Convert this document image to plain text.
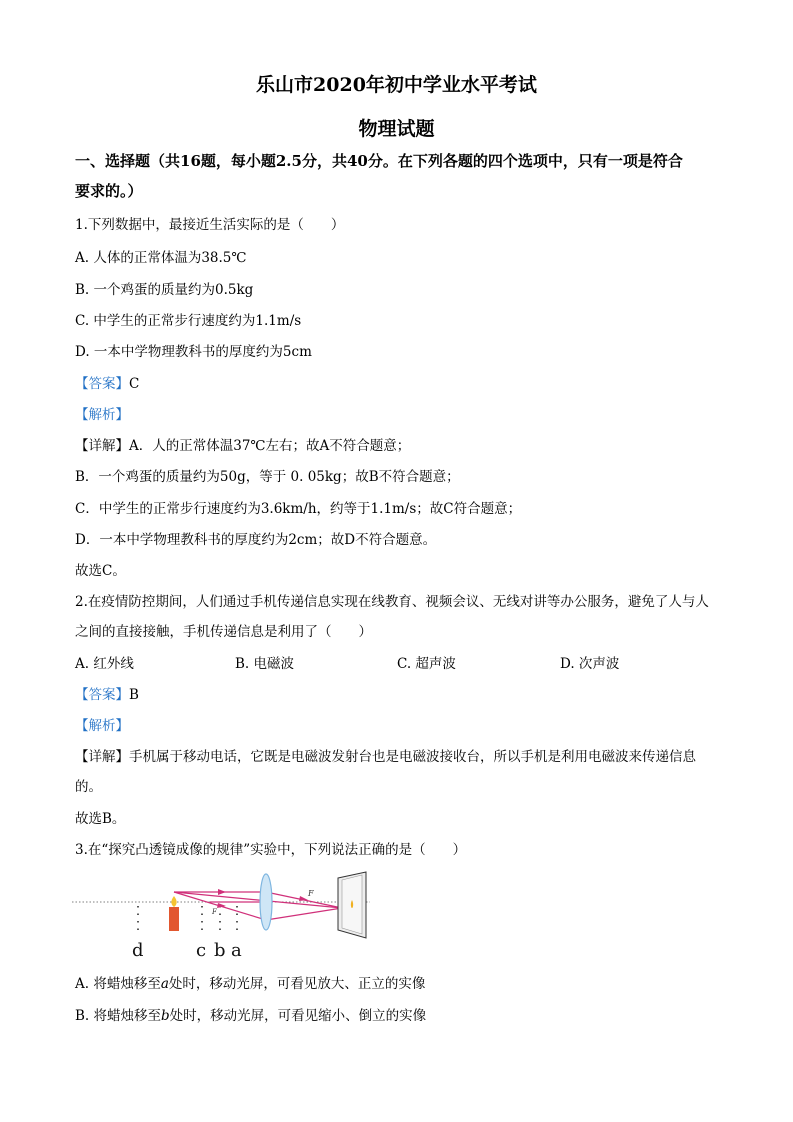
乐山市2020年初中学业水平考试
物理试题
一、选择题（共16题，每小题2.5分，共40分。在下列各题的四个选项中，只有一项是符合
要求的。）
1.下列数据中，最接近生活实际的是（　　）
A. 人体的正常体温为38.5℃
B. 一个鸡蛋的质量约为0.5kg
C. 中学生的正常步行速度约为1.1m/s
D. 一本中学物理教科书的厚度约为5cm
【答案】C
【解析】
【详解】A．人的正常体温37℃左右；故A不符合题意；
B．一个鸡蛋的质量约为50g，等于 0. 05kg；故B不符合题意；
C．中学生的正常步行速度约为3.6km/h，约等于1.1m/s；故C符合题意；
D．一本中学物理教科书的厚度约为2cm；故D不符合题意。
故选C。
2.在疫情防控期间，人们通过手机传递信息实现在线教育、视频会议、无线对讲等办公服务，避免了人与人
之间的直接接触，手机传递信息是利用了（　　）
A. 红外线	B. 电磁波	C. 超声波	D. 次声波
【答案】B
【解析】
【详解】手机属于移动电话，它既是电磁波发射台也是电磁波接收台，所以手机是利用电磁波来传递信息
的。
故选B。
3.在“探究凸透镜成像的规律”实验中，下列说法正确的是（　　）
F
F
d	c b a
A. 将蜡烛移至a处时，移动光屏，可看见放大、正立的实像
B. 将蜡烛移至b处时，移动光屏，可看见缩小、倒立的实像
